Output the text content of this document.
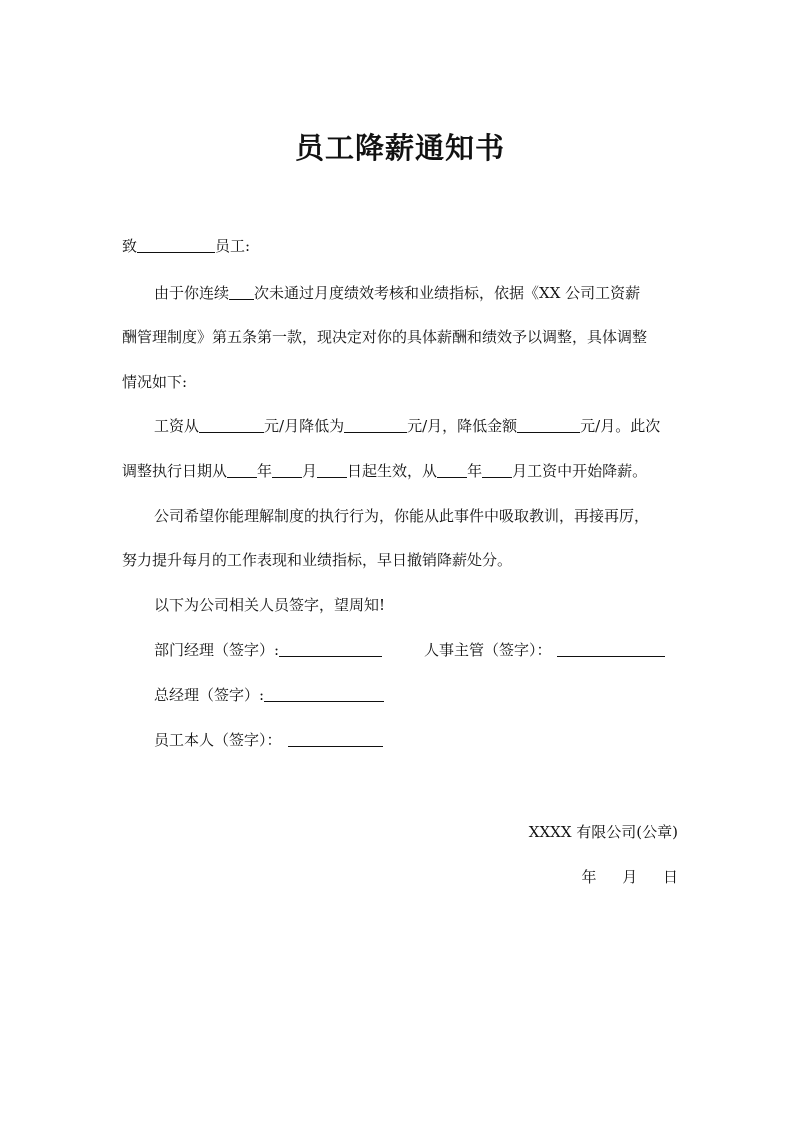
员工降薪通知书
致	员工:
由于你连续 次未通过月度绩效考核和业绩指标，依据《XX 公司工资薪
酬管理制度》第五条第一款，现决定对你的具体薪酬和绩效予以调整，具体调整
情况如下:
工资从	元/月降低为	元/月，降低金额	元/月。此次
调整执行日期从 年 月 日起生效，从 年 月工资中开始降薪。
公司希望你能理解制度的执行行为，你能从此事件中吸取教训，再接再厉，
努力提升每月的工作表现和业绩指标，早日撤销降薪处分。
以下为公司相关人员签字，望周知!
部门经理（签字）:	人事主管（签字）：
总经理（签字）:
员工本人（签字）：
XXXX 有限公司(公章)
年　 月　 日
